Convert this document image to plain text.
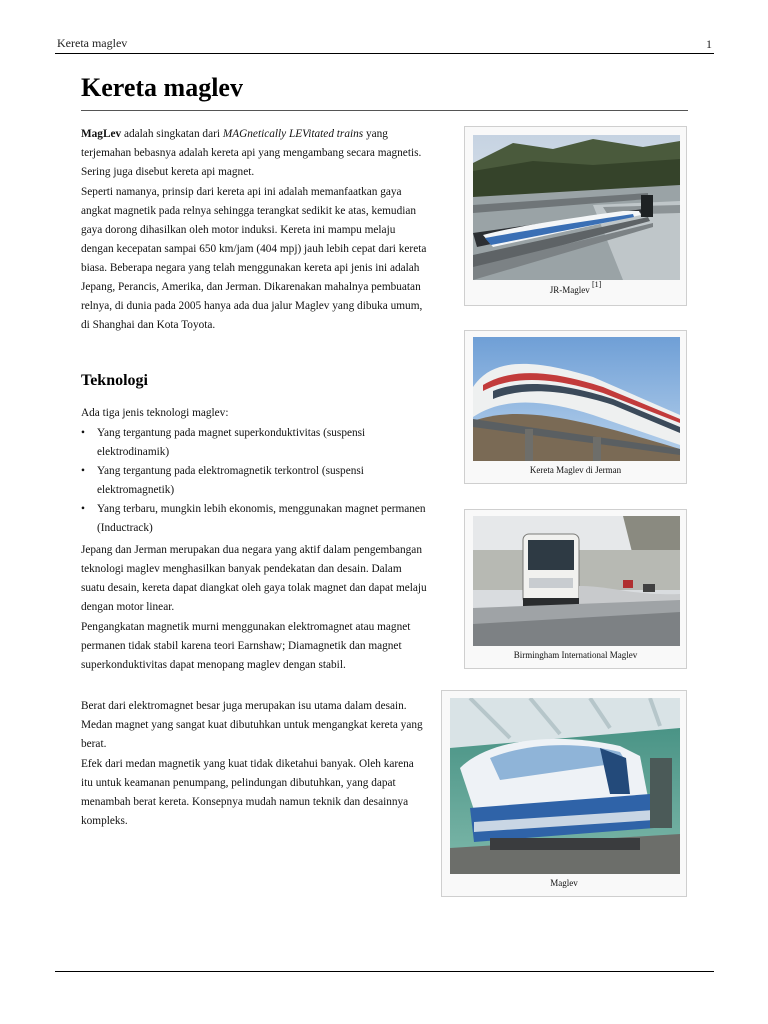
Kereta maglev	1
Kereta maglev

MagLev adalah singkatan dari MAGnetically LEVitated trains yang terjemahan bebasnya adalah kereta api yang mengambang secara magnetis. Sering juga disebut kereta api magnet.

Seperti namanya, prinsip dari kereta api ini adalah memanfaatkan gaya angkat magnetik pada relnya sehingga terangkat sedikit ke atas, kemudian gaya dorong dihasilkan oleh motor induksi. Kereta ini mampu melaju dengan kecepatan sampai 650 km/jam (404 mpj) jauh lebih cepat dari kereta biasa. Beberapa negara yang telah menggunakan kereta api jenis ini adalah Jepang, Perancis, Amerika, dan Jerman. Dikarenakan mahalnya pembuatan relnya, di dunia pada 2005 hanya ada dua jalur Maglev yang dibuka umum, di Shanghai dan Kota Toyota.

Teknologi

Ada tiga jenis teknologi maglev:

• Yang tergantung pada magnet superkonduktivitas (suspensi elektrodinamik)
• Yang tergantung pada elektromagnetik terkontrol (suspensi elektromagnetik)
• Yang terbaru, mungkin lebih ekonomis, menggunakan magnet permanen (Inductrack)

Jepang dan Jerman merupakan dua negara yang aktif dalam pengembangan teknologi maglev menghasilkan banyak pendekatan dan desain. Dalam suatu desain, kereta dapat diangkat oleh gaya tolak magnet dan dapat melaju dengan motor linear.

Pengangkatan magnetik murni menggunakan elektromagnet atau magnet permanen tidak stabil karena teori Earnshaw; Diamagnetik dan magnet superkonduktivitas dapat menopang maglev dengan stabil.

Berat dari elektromagnet besar juga merupakan isu utama dalam desain. Medan magnet yang sangat kuat dibutuhkan untuk mengangkat kereta yang berat.

Efek dari medan magnetik yang kuat tidak diketahui banyak. Oleh karena itu untuk keamanan penumpang, pelindungan dibutuhkan, yang dapat menambah berat kereta. Konsepnya mudah namun teknik dan desainnya kompleks.

JR-Maglev [1]
Kereta Maglev di Jerman
Birmingham International Maglev
Maglev
